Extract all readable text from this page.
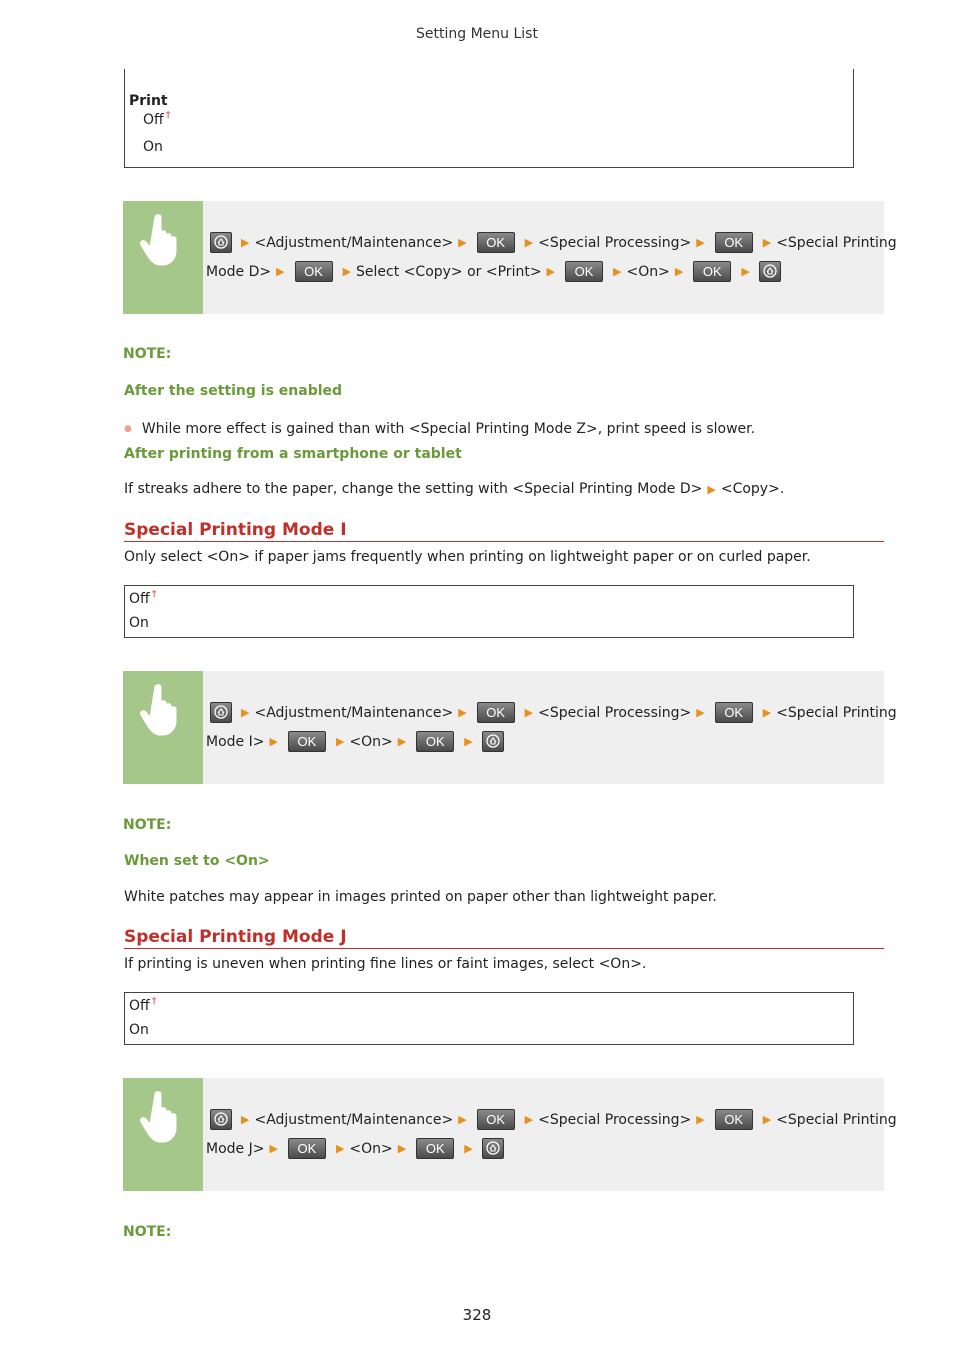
Setting Menu List
Print
Off †
On
▶ <Adjustment/Maintenance> ▶	OK	▶ <Special Processing> ▶	OK	▶ <Special Printing
Mode D> ▶	OK	▶ Select <Copy> or <Print> ▶	OK	▶ <On> ▶	OK	▶
NOTE:
After the setting is enabled
● While more effect is gained than with <Special Printing Mode Z>, print speed is slower.
After printing from a smartphone or tablet
If streaks adhere to the paper, change the setting with <Special Printing Mode D> ▶ <Copy>.
Special Printing Mode I
Only select <On> if paper jams frequently when printing on lightweight paper or on curled paper.
Off †
On
▶ <Adjustment/Maintenance> ▶	OK	▶ <Special Processing> ▶	OK	▶ <Special Printing
Mode I> ▶	OK	▶ <On> ▶	OK	▶
NOTE:
When set to <On>
White patches may appear in images printed on paper other than lightweight paper.
Special Printing Mode J
If printing is uneven when printing fine lines or faint images, select <On>.
Off †
On
▶ <Adjustment/Maintenance> ▶	OK	▶ <Special Processing> ▶	OK	▶ <Special Printing
Mode J> ▶	OK	▶ <On> ▶	OK	▶
NOTE:
328
